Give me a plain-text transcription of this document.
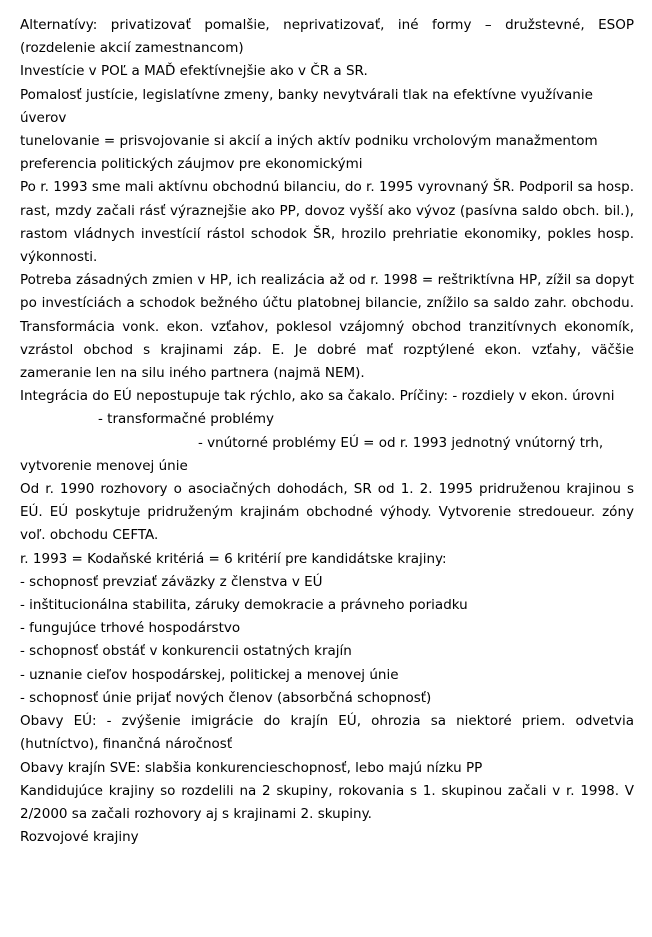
Alternatívy: privatizovať pomalšie, neprivatizovať, iné formy – družstevné, ESOP (rozdelenie akcií zamestnancom)

Investície v POĽ a MAĎ efektívnejšie ako v ČR a SR.

Pomalosť justície, legislatívne zmeny, banky nevytvárali tlak na efektívne využívanie úverov

tunelovanie = prisvojovanie si akcií a iných aktív podniku vrcholovým manažmentom

preferencia politických záujmov pre ekonomickými

Po r. 1993 sme mali aktívnu obchodnú bilanciu, do r. 1995 vyrovnaný ŠR. Podporil sa hosp. rast, mzdy začali rásť výraznejšie ako PP, dovoz vyšší ako vývoz (pasívna saldo obch. bil.), rastom vládnych investícií rástol schodok ŠR, hrozilo prehriatie ekonomiky, pokles hosp. výkonnosti.

Potreba zásadných zmien v HP, ich realizácia až od r. 1998 = reštriktívna HP, zížil sa dopyt po investíciách a schodok bežného účtu platobnej bilancie, znížilo sa saldo zahr. obchodu. Transformácia vonk. ekon. vzťahov, poklesol vzájomný obchod tranzitívnych ekonomík, vzrástol obchod s krajinami záp. E. Je dobré mať rozptýlené ekon. vzťahy, väčšie zameranie len na silu iného partnera (najmä NEM).

Integrácia do EÚ nepostupuje tak rýchlo, ako sa čakalo. Príčiny: - rozdiely v ekon. úrovni

- transformačné problémy

- vnútorné problémy EÚ = od r. 1993 jednotný vnútorný trh,

vytvorenie menovej únie

Od r. 1990 rozhovory o asociačných dohodách, SR od 1. 2. 1995 pridruženou krajinou s EÚ. EÚ poskytuje pridruženým krajinám obchodné výhody. Vytvorenie stredoueur. zóny voľ. obchodu CEFTA.

r. 1993 = Kodaňské kritériá = 6 kritérií pre kandidátske krajiny:

- schopnosť prevziať záväzky z členstva v EÚ

- inštitucionálna stabilita, záruky demokracie a právneho poriadku

- fungujúce trhové hospodárstvo

- schopnosť obstáť v konkurencii ostatných krajín

- uznanie cieľov hospodárskej, politickej a menovej únie

- schopnosť únie prijať nových členov (absorbčná schopnosť)

Obavy EÚ: - zvýšenie imigrácie do krajín EÚ, ohrozia sa niektoré priem. odvetvia (hutníctvo), finančná náročnosť

Obavy krajín SVE: slabšia konkurencieschopnosť, lebo majú nízku PP

Kandidujúce krajiny so rozdelili na 2 skupiny, rokovania s 1. skupinou začali v r. 1998. V 2/2000 sa začali rozhovory aj s krajinami 2. skupiny.

Rozvojové krajiny
